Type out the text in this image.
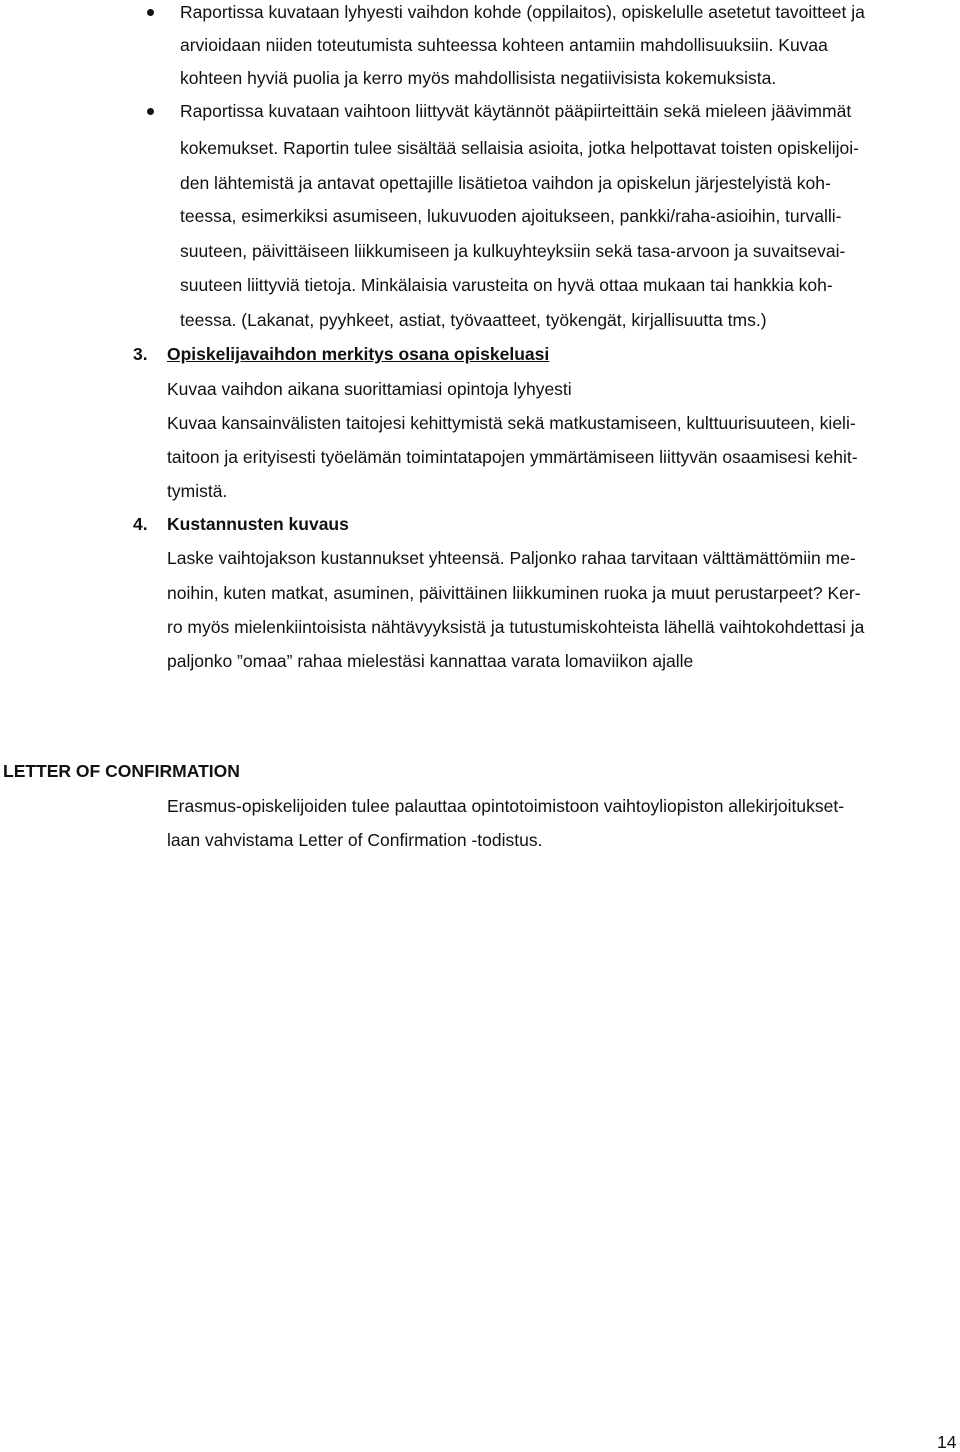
Raportissa kuvataan lyhyesti vaihdon kohde (oppilaitos), opiskelulle asetetut tavoitteet ja
arvioidaan niiden toteutumista suhteessa kohteen antamiin mahdollisuuksiin. Kuvaa
kohteen hyviä puolia ja kerro myös mahdollisista negatiivisista kokemuksista.
Raportissa kuvataan vaihtoon liittyvät käytännöt pääpiirteittäin sekä mieleen jäävimmät
kokemukset. Raportin tulee sisältää sellaisia asioita, jotka helpottavat toisten opiskelijoi-
den lähtemistä ja antavat opettajille lisätietoa vaihdon ja opiskelun järjestelyistä koh-
teessa, esimerkiksi asumiseen, lukuvuoden ajoitukseen, pankki/raha-asioihin, turvalli-
suuteen, päivittäiseen liikkumiseen ja kulkuyhteyksiin sekä tasa-arvoon ja suvaitsevai-
suuteen liittyviä tietoja. Minkälaisia varusteita on hyvä ottaa mukaan tai hankkia koh-
teessa. (Lakanat, pyyhkeet, astiat, työvaatteet, työkengät, kirjallisuutta tms.)
3. Opiskelijavaihdon merkitys osana opiskeluasi
Kuvaa vaihdon aikana suorittamiasi opintoja lyhyesti
Kuvaa kansainvälisten taitojesi kehittymistä sekä matkustamiseen, kulttuurisuuteen, kieli-
taitoon ja erityisesti työelämän toimintatapojen ymmärtämiseen liittyvän osaamisesi kehit-
tymistä.
4. Kustannusten kuvaus
Laske vaihtojakson kustannukset yhteensä. Paljonko rahaa tarvitaan välttämättömiin me-
noihin, kuten matkat, asuminen, päivittäinen liikkuminen ruoka ja muut perustarpeet? Ker-
ro myös mielenkiintoisista nähtävyyksistä ja tutustumiskohteista lähellä vaihtokohdettasi ja
paljonko ”omaa” rahaa mielestäsi kannattaa varata lomaviikon ajalle
LETTER OF CONFIRMATION
Erasmus-opiskelijoiden tulee palauttaa opintotoimistoon vaihtoyliopiston allekirjoitukset-
laan vahvistama Letter of Confirmation -todistus.
14
